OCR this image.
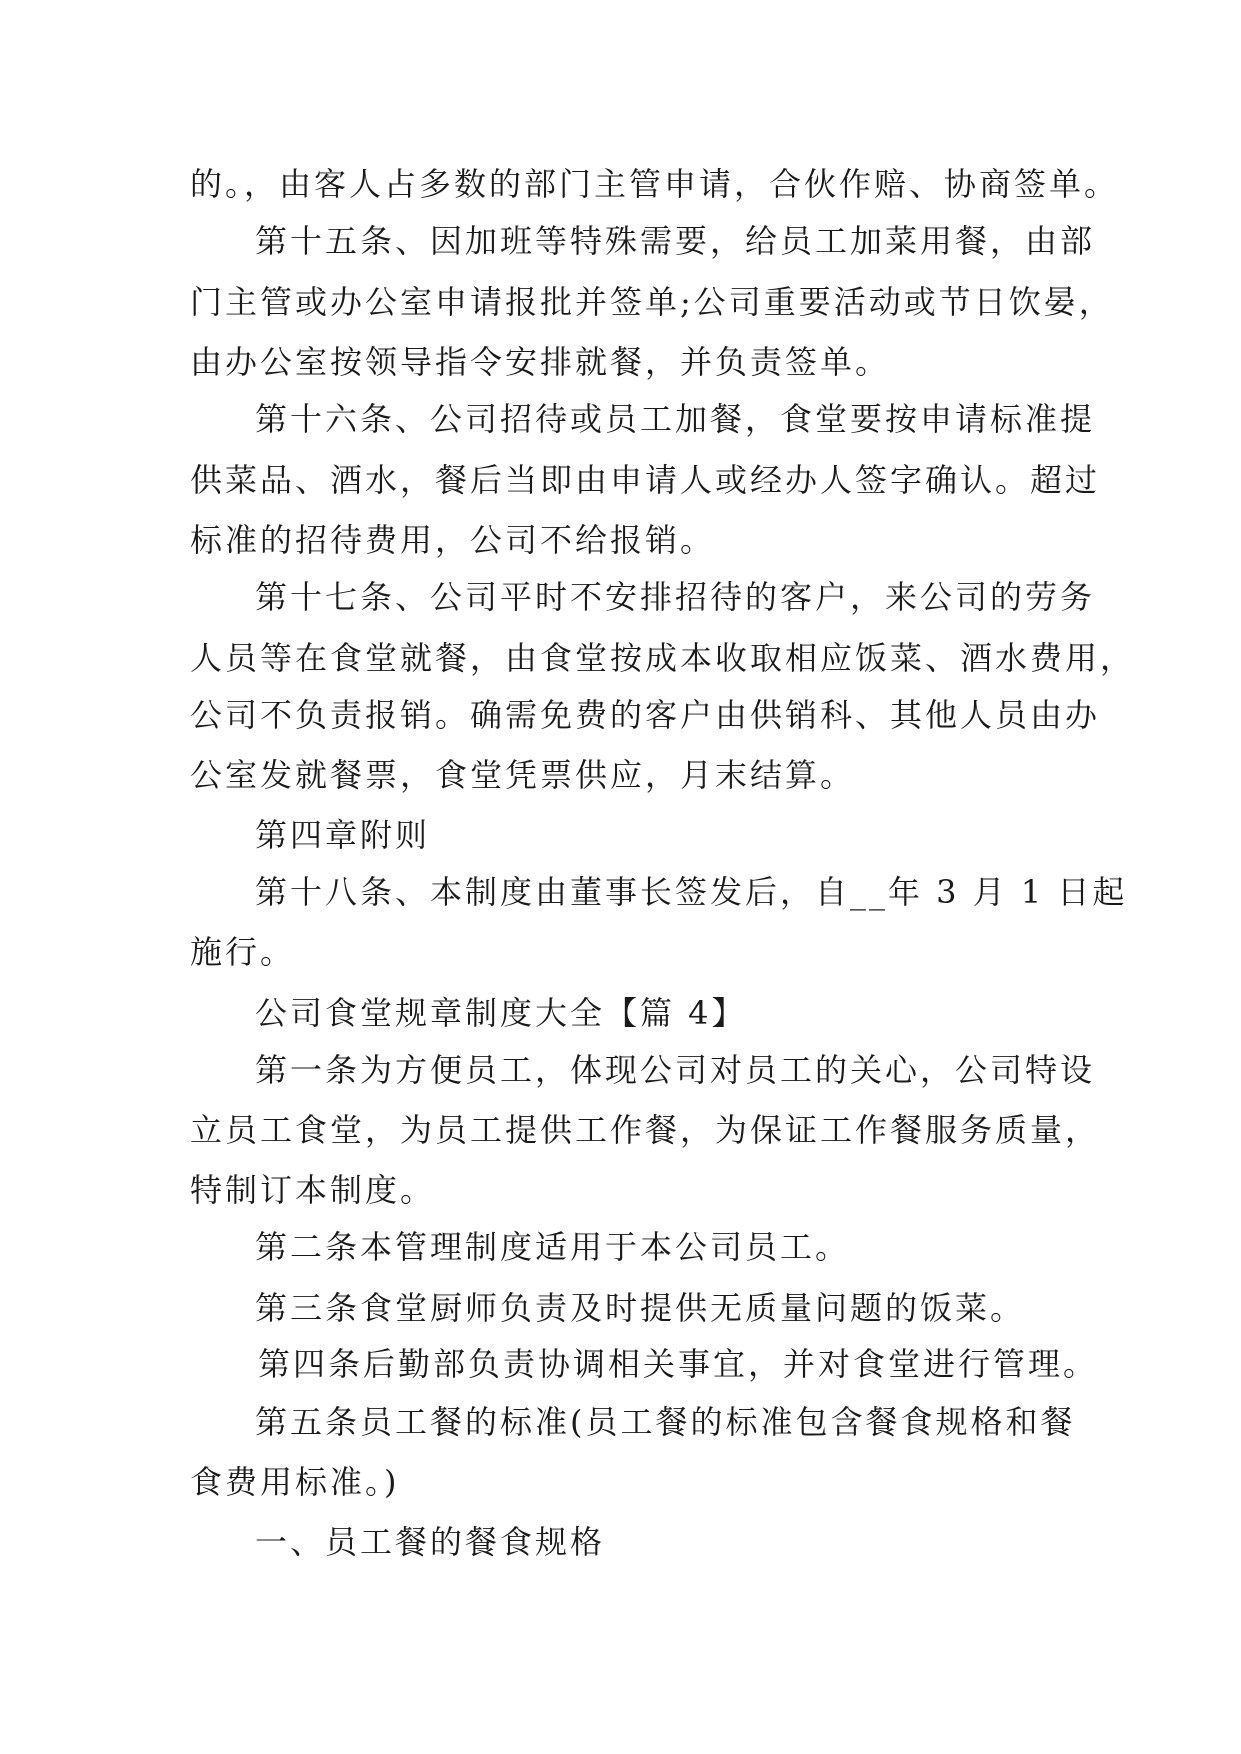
的。，由客人占多数的部门主管申请，合伙作赔、协商签单。
第十五条、因加班等特殊需要，给员工加菜用餐，由部
门主管或办公室申请报批并签单;公司重要活动或节日饮晏，
由办公室按领导指令安排就餐，并负责签单。
第十六条、公司招待或员工加餐，食堂要按申请标准提
供菜品、酒水，餐后当即由申请人或经办人签字确认。超过
标准的招待费用，公司不给报销。
第十七条、公司平时不安排招待的客户，来公司的劳务
人员等在食堂就餐，由食堂按成本收取相应饭菜、酒水费用，
公司不负责报销。确需免费的客户由供销科、其他人员由办
公室发就餐票，食堂凭票供应，月末结算。
第四章附则
第十八条、本制度由董事长签发后，自__年 3 月 1 日起
施行。
公司食堂规章制度大全【篇 4】
第一条为方便员工，体现公司对员工的关心，公司特设
立员工食堂，为员工提供工作餐，为保证工作餐服务质量，
特制订本制度。
第二条本管理制度适用于本公司员工。
第三条食堂厨师负责及时提供无质量问题的饭菜。
第四条后勤部负责协调相关事宜，并对食堂进行管理。
第五条员工餐的标准(员工餐的标准包含餐食规格和餐
食费用标准。)
一、员工餐的餐食规格
